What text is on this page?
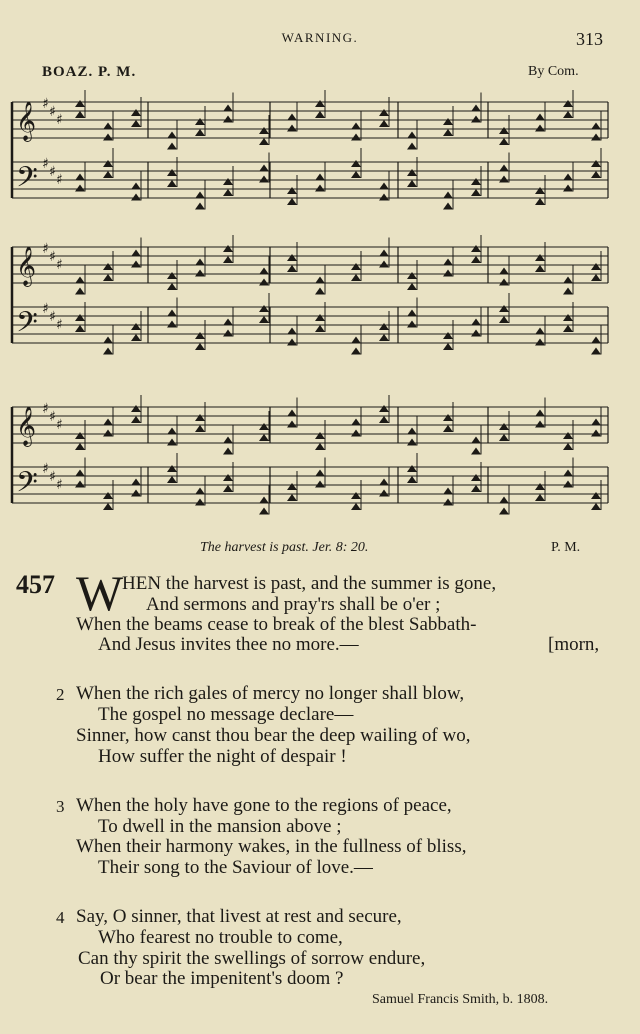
WARNING.	313
BOAZ. P. M.	By Com.
𝄞 ♯ ♯ ♯
𝄢 ♯ ♯ ♯
𝄞 ♯ ♯ ♯
𝄢 ♯ ♯ ♯
𝄞 ♯ ♯ ♯
𝄢 ♯ ♯ ♯
The harvest is past. Jer. 8: 20.	P. M.
457 W
HEN the harvest is past, and the summer is gone,
And sermons and pray'rs shall be o'er ;
When the beams cease to break of the blest Sabbath-
And Jesus invites thee no more.—	[morn,
2 When the rich gales of mercy no longer shall blow,
The gospel no message declare—
Sinner, how canst thou bear the deep wailing of wo,
How suffer the night of despair !
3 When the holy have gone to the regions of peace,
To dwell in the mansion above ;
When their harmony wakes, in the fullness of bliss,
Their song to the Saviour of love.—
4 Say, O sinner, that livest at rest and secure,
Who fearest no trouble to come,
Can thy spirit the swellings of sorrow endure,
Or bear the impenitent's doom ?
Samuel Francis Smith, b. 1808.
